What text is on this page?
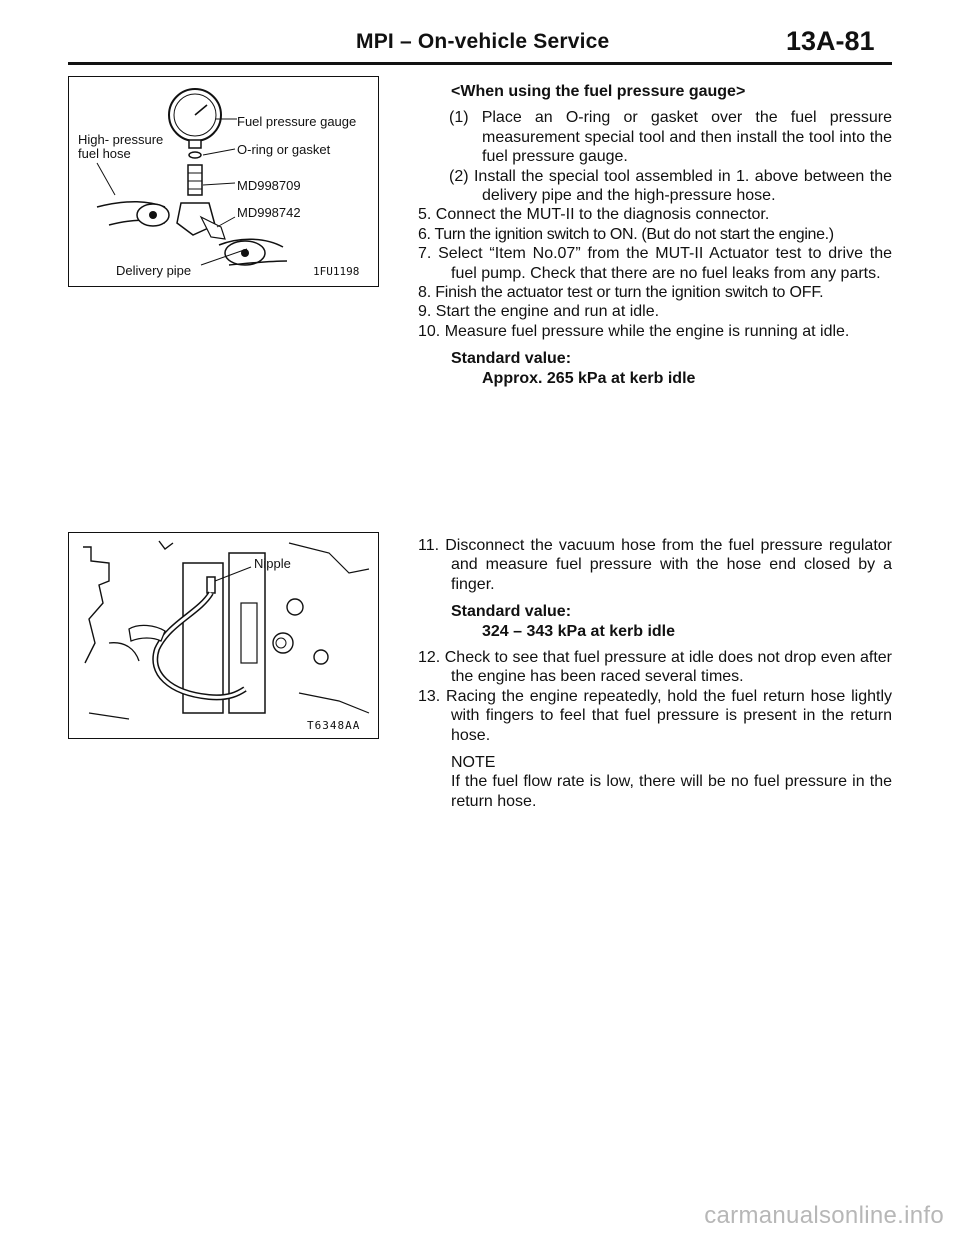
MPI – On-vehicle Service	13A-81
High- pressure
fuel hose
Fuel pressure gauge
O-ring or gasket
MD998709
MD998742
Delivery pipe	1FU1198
Nipple
T6348AA

<When using the fuel pressure gauge>

(1) Place an O-ring or gasket over the fuel pressure measurement special tool and then install the tool into the fuel pressure gauge.

(2) Install the special tool assembled in 1. above between the delivery pipe and the high-pressure hose.

5. Connect the MUT-II to the diagnosis connector.

6. Turn the ignition switch to ON. (But do not start the engine.)

7. Select “Item No.07” from the MUT-II Actuator test to drive the fuel pump. Check that there are no fuel leaks from any parts.

8. Finish the actuator test or turn the ignition switch to OFF.

9. Start the engine and run at idle.

10. Measure fuel pressure while the engine is running at idle.

Standard value:

Approx. 265 kPa at kerb idle

11. Disconnect the vacuum hose from the fuel pressure regulator and measure fuel pressure with the hose end closed by a finger.

Standard value:

324 – 343 kPa at kerb idle

12. Check to see that fuel pressure at idle does not drop even after the engine has been raced several times.

13. Racing the engine repeatedly, hold the fuel return hose lightly with fingers to feel that fuel pressure is present in the return hose.

NOTE

If the fuel flow rate is low, there will be no fuel pressure in the return hose.

carmanualsonline.info
